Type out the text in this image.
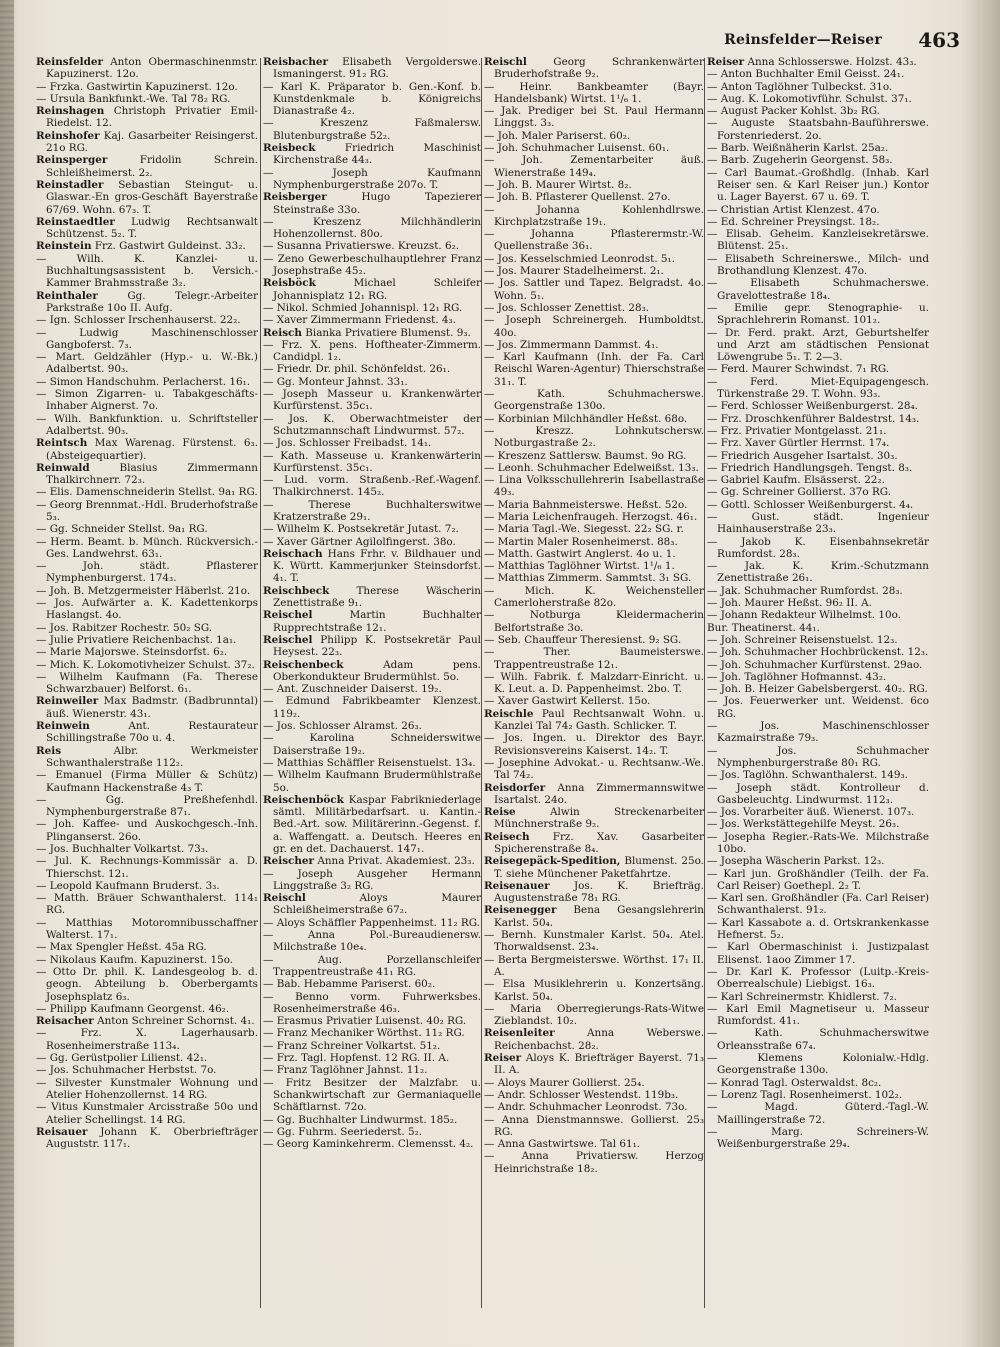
Reinsfelder—Reiser 463

Reinsfelder Anton Obermaschinenmstr. Kapuzinerst. 12o.

— Frzka. Gastwirtin Kapuzinerst. 12o.

— Ursula Bankfunkt.-We. Tal 78₂ RG.

Reinshagen Christoph Privatier Emil-Riedelst. 12.

Reinshofer Kaj. Gasarbeiter Reisingerst. 21o RG.

Reinsperger	Fridolin Schrein. Schleißheimerst. 2₂.

Reinstadler Sebastian Steingut- u. Glaswar.-En gros-Geschäft Bayerstraße 67/69. Wohn. 67₃. T.

Reinstaedtler Ludwig Rechtsanwalt Schützenst. 5₂. T.

Reinstein Frz. Gastwirt Guldeinst. 33₂.

— Wilh. K. Kanzlei- u. Buchhaltungsassistent b. Versich.-Kammer Brahmsstraße 3₂.

Reinthaler	Gg. Telegr.-Arbeiter Parkstraße 10o II. Aufg.

— Ign. Schlosser Irschenhauserst. 22₂.

— Ludwig Maschinenschlosser Gangboferst. 7₃.

— Mart. Geldzähler (Hyp.- u. W.-Bk.) Adalbertst. 90₃.

— Simon Handschuhm. Perlacherst. 16₁.

— Simon Zigarren- u. Tabakgeschäfts-Inhaber Aignerst. 7o.

— Wilh. Bankfunktion. u. Schriftsteller Adalbertst. 90₃.

Reintsch Max Warenag. Fürstenst. 6₃. (Absteigequartier).

Reinwald	Blasius Zimmermann Thalkirchnerr. 72₃.

— Elis. Damenschneiderin Stellst. 9a₁ RG.

— Georg Brennmat.-Hdl. Bruderhofstraße 5₃.

— Gg. Schneider Stellst. 9a₁ RG.

— Herm. Beamt. b. Münch. Rückversich.-Ges. Landwehrst. 63₁.

— Joh. städt. Pflasterer Nymphenburgerst. 174₃.

— Joh. B. Metzgermeister Häberlst. 21o.

— Jos. Aufwärter a. K. Kadettenkorps Haslangst. 4o.

— Jos. Rabitzer Rochestr. 50₂ SG.

— Julie Privatiere Reichenbachst. 1a₁.

— Marie Majorswe. Steinsdorfst. 6₂.

— Mich. K. Lokomotivheizer Schulst. 37₂.

— Wilhelm Kaufmann (Fa. Therese Schwarzbauer) Belforst. 6₁.

Reinweiler Max Badmstr. (Badbrunntal) äuß. Wienerstr. 43₁.

Reinwein	Ant. Restaurateur Schillingstraße 70o u. 4.

Reis	Albr. Werkmeister Schwanthalerstraße 112₂.

— Emanuel (Firma Müller & Schütz) Kaufmann Hackenstraße 4₃ T.

— Gg. Preßhefenhdl. Nymphenburgerstraße 87₁.

— Joh. Kaffee- und Auskochgesch.-Inh. Plinganserst. 26o.

— Jos. Buchhalter Volkartst. 73₃.

— Jul. K. Rechnungs-Kommissär a. D. Thierschst. 12₁.

— Leopold Kaufmann Bruderst. 3₃.

— Matth. Bräuer Schwanthalerst. 114₁ RG.

— Matthias Motoromnibusschaffner Walterst. 17₁.

— Max Spengler Heßst. 45a RG.

— Nikolaus Kaufm. Kapuzinerst. 15o.

— Otto Dr. phil. K. Landesgeolog b. d. geogn. Abteilung b. Oberbergamts Josephsplatz 6₃.

— Philipp Kaufmann Georgenst. 46₂.

Reisacher Anton Schreiner Schornst. 4₁.

— Frz. X. Lagerhausarb. Rosenheimerstraße 113₄.

— Gg. Gerüstpolier Lilienst. 42₁.

— Jos. Schuhmacher Herbstst. 7o.

— Silvester Kunstmaler Wohnung und Atelier Hohenzollernst. 14 RG.

— Vitus Kunstmaler Arcisstraße 50o und Atelier Schellingst. 14 RG.

Reisauer Johann K. Oberbriefträger Auguststr. 117₁.

Reisbacher Elisabeth Vergolderswe. Ismaningerst. 91₂ RG.

— Karl K. Präparator b. Gen.-Konf. b. Kunstdenkmale b. Königreichs Dianastraße 4₂.

— Kreszenz Faßmalersw. Blutenburgstraße 52₂.

Reisbeck	Friedrich Maschinist Kirchenstraße 44₃.

— Joseph Kaufmann Nymphenburgerstraße 207o. T.

Reisberger	Hugo Tapezierer Steinstraße 33o.

— Kreszenz Milchhändlerin Hohenzollernst. 80o.

— Susanna Privatierswe. Kreuzst. 6₂.

— Zeno Gewerbeschulhauptlehrer Franz Josephstraße 45₂.

Reisböck	Michael Schleifer Johannisplatz 12₁ RG.

— Nikol. Schmied Johannispl. 12₁ RG.

— Xaver Zimmermann Friedenst. 4₃.

Reisch Bianka Privatiere Blumenst. 9₃.

— Frz. X. pens. Hoftheater-Zimmerm. Candidpl. 1₂.

— Friedr. Dr. phil. Schönfeldst. 26₁.

— Gg. Monteur Jahnst. 33₁.

— Joseph Masseur u. Krankenwärter Kurfürstenst. 35c₁.

— Jos. K. Oberwachtmeister der Schutzmannschaft Lindwurmst. 57₂.

— Jos. Schlosser Freibadst. 14₁.

— Kath. Masseuse u. Krankenwärterin Kurfürstenst. 35c₁.

— Lud. vorm. Straßenb.-Ref.-Wagenf. Thalkirchnerst. 145₂.

— Therese Buchhalterswitwe Kratzerstraße 29₁.

— Wilhelm K. Postsekretär Jutast. 7₂.

— Xaver Gärtner Agilolfingerst. 38o.

Reischach Hans Frhr. v. Bildhauer und K. Württ. Kammerjunker Steinsdorfst. 4₁. T.

Reischbeck	Therese Wäscherin Zenettistraße 9₁.

Reischel	Martin Buchhalter Rupprechtstraße 12₁.

Reischel Philipp K. Postsekretär Paul Heysest. 22₃.

Reischenbeck	Adam pens. Oberkondukteur Brudermühlst. 5o.

— Ant. Zuschneider Daiserst. 19₂.

— Edmund Fabrikbeamter Klenzest. 119₂.

— Jos. Schlosser Alramst. 26₃.

— Karolina Schneiderswitwe Daiserstraße 19₂.

— Matthias Schäffler Reisenstuelst. 13₄.

— Wilhelm Kaufmann Brudermühlstraße 5o.

Reischenböck Kaspar Fabrikniederlage sämtl. Militärbedarfsart. u. Kantin.-Bed.-Art. sow. Militärerinn.-Gegenst. f. a. Waffengatt. a. Deutsch. Heeres en gr. en det. Dachauerst. 147₁.

Reischer Anna Privat. Akademiest. 23₃.

— Joseph Ausgeher Hermann Linggstraße 3₂ RG.

Reischl	Aloys Maurer Schleißheimerstraße 67₂.

— Aloys Schäffler Pappenheimst. 11₂ RG.

— Anna Pol.-Bureaudienersw. Milchstraße 10e₄.

— Aug. Porzellanschleifer Trappentreustraße 41₁ RG.

— Bab. Hebamme Pariserst. 60₂.

— Benno vorm. Fuhrwerksbes. Rosenheimerstraße 46₃.

— Erasmus Privatier Luisenst. 40₂ RG.

— Franz Mechaniker Wörthst. 11₂ RG.

— Franz Schreiner Volkartst. 51₂.

— Frz. Tagl. Hopfenst. 12 RG. II. A.

— Franz Taglöhner Jahnst. 11₂.

— Fritz Besitzer der Malzfabr. u. Schankwirtschaft zur Germaniaquelle Schäftlarnst. 72o.

— Gg. Buchhalter Lindwurmst. 185₂.

— Gg. Fuhrm. Seeriederst. 5₂.

— Georg Kaminkehrerm. Clemensst. 4₂.

Reischl	Georg Schrankenwärter Bruderhofstraße 9₂.

— Heinr. Bankbeamter (Bayr. Handelsbank) Wirtst. 1¹/₆ 1.

— Jak. Prediger bei St. Paul Hermann Linggst. 3₃.

— Joh. Maler Pariserst. 60₂.

— Joh. Schuhmacher Luisenst. 60₁.

— Joh. Zementarbeiter äuß. Wienerstraße 149₄.

— Joh. B. Maurer Wirtst. 8₂.

— Joh. B. Pflasterer Quellenst. 27o.

— Johanna Kohlenhdlrswe. Kirchplatzstraße 19₁.

— Johanna Pflasterermstr.-W. Quellenstraße 36₁.

— Jos. Kesselschmied Leonrodst. 5₁.

— Jos. Maurer Stadelheimerst. 2₁.

— Jos. Sattler und Tapez. Belgradst. 4o. Wohn. 5₁.

— Jos. Schlosser Zenettist. 28₃.

— Joseph Schreinergeh. Humboldtst. 40o.

— Jos. Zimmermann Dammst. 4₁.

— Karl Kaufmann (Inh. der Fa. Carl Reischl Waren-Agentur) Thierschstraße 31₁. T.

— Kath. Schuhmacherswe. Georgenstraße 130o.

— Korbinian Milchhändler Heßst. 68o.

— Kreszz. Lohnkutschersw. Notburgastraße 2₂.

— Kreszenz Sattlersw. Baumst. 9o RG.

— Leonh. Schuhmacher Edelweißst. 13₃.

— Lina Volksschullehrerin Isabellastraße 49₃.

— Maria Bahnmeisterswe. Heßst. 52o.

— Maria Leichenfraugeh. Herzogst. 46₁.

— Maria Tagl.-We. Siegesst. 22₂ SG. r.

— Martin Maler Rosenheimerst. 88₃.

— Matth. Gastwirt Anglerst. 4o u. 1.

— Matthias Taglöhner Wirtst. 1¹/₆ 1.

— Matthias Zimmerm. Sammtst. 3₁ SG.

— Mich. K. Weichensteller Camerloherstraße 82o.

— Notburga Kleidermacherin Belfortstraße 3o.

— Seb. Chauffeur Theresienst. 9₂ SG.

— Ther. Baumeisterswe. Trappentreustraße 12₁.

— Wilh. Fabrik. f. Malzdarr-Einricht. u. K. Leut. a. D. Pappenheimst. 2bo. T.

— Xaver Gastwirt Kellerst. 15o.

Reischle Paul Rechtsanwalt Wohn. u. Kanzlei Tal 74₂ Gasth. Schlicker. T.

— Jos. Ingen. u. Direktor des Bayr. Revisionsvereins Kaiserst. 14₂. T.

— Josephine Advokat.- u. Rechtsanw.-We. Tal 74₂.

Reisdorfer Anna Zimmermannswitwe Isartalst. 24o.

Reise	Alwin Streckenarbeiter Münchnerstraße 9₂.

Reisech Frz. Xav. Gasarbeiter Spicherenstraße 8₄.

Reisegepäck-Spedition, Blumenst. 25o. T. siehe Münchener Paketfahrtze.

Reisenauer Jos. K. Briefträg. Augustenstraße 78₁ RG.

Reisenegger Bena Gesangslehrerin Karlst. 50₄.

— Bernh. Kunstmaler Karlst. 50₄. Atel. Thorwaldsenst. 23₄.

— Berta Bergmeisterswe. Wörthst. 17₁ II. A.

— Elsa Musiklehrerin u. Konzertsäng. Karlst. 50₄.

— Maria Oberregierungs-Rats-Witwe Zieblandst. 10₂.

Reisenleiter	Anna Weberswe. Reichenbachst. 28₂.

Reiser Aloys K. Briefträger Bayerst. 71₃ II. A.

— Aloys Maurer Gollierst. 25₄.

— Andr. Schlosser Westendst. 119b₃.

— Andr. Schuhmacher Leonrodst. 73o.

— Anna Dienstmannswe. Gollierst. 25₃ RG.

— Anna Gastwirtswe. Tal 61₁.

— Anna Privatiersw. Herzog Heinrichstraße 18₂.

Reiser Anna Schlosserswe. Holzst. 43₃.

— Anton Buchhalter Emil Geisst. 24₁.

— Anton Taglöhner Tulbeckst. 31o.

— Aug. K. Lokomotivführ. Schulst. 37₁.

— August Packer Kohlst. 3b₂ RG.

— Auguste Staatsbahn-Bauführerswe. Forstenriederst. 2o.

— Barb. Weißnäherin Karlst. 25a₂.

— Barb. Zugeherin Georgenst. 58₃.

— Carl Baumat.-Großhdlg. (Inhab. Karl Reiser sen. & Karl Reiser jun.) Kontor u. Lager Bayerst. 67 u. 69. T.

— Christian Artist Klenzest. 47o.

— Ed. Schreiner Preysingst. 18₂.

— Elisab. Geheim. Kanzleisekretärswe. Blütenst. 25₁.

— Elisabeth Schreinerswe., Milch- und Brothandlung Klenzest. 47o.

— Elisabeth Schuhmacherswe. Gravelottestraße 18₄.

— Emilie gepr. Stenographie- u. Sprachlehrerin Romanst. 101₂.

— Dr. Ferd. prakt. Arzt, Geburtshelfer und Arzt am städtischen Pensionat Löwengrube 5₁. T. 2—3.

— Ferd. Maurer Schwindst. 7₁ RG.

— Ferd. Miet-Equipagengesch. Türkenstraße 29. T. Wohn. 93₃.

— Ferd. Schlosser Weißenburgerst. 28₄.

— Frz. Droschkenführer Baldestrst. 14₃.

— Frz. Privatier Montgelasst. 21₁.

— Frz. Xaver Gürtler Herrnst. 17₄.

— Friedrich Ausgeher Isartalst. 30₃.

— Friedrich Handlungsgeh. Tengst. 8₃.

— Gabriel Kaufm. Elsässerst. 22₂.

— Gg. Schreiner Gollierst. 37o RG.

— Gottl. Schlosser Weißenburgerst. 4₄.

— Gust. städt. Ingenieur Hainhauserstraße 23₃.

— Jakob K. Eisenbahnsekretär Rumfordst. 28₃.

— Jak. K. Krim.-Schutzmann Zenettistraße 26₁.

— Jak. Schuhmacher Rumfordst. 28₃.

— Joh. Maurer Heßst. 96₂ II. A.

— Johann Redakteur Wilhelmst. 10o.

Bur. Theatinerst. 44₁.

— Joh. Schreiner Reisenstuelst. 12₃.

— Joh. Schuhmacher Hochbrückenst. 12₃.

— Joh. Schuhmacher Kurfürstenst. 29ao.

— Joh. Taglöhner Hofmannst. 43₂.

— Joh. B. Heizer Gabelsbergerst. 40₂. RG.

— Jos. Feuerwerker unt. Weidenst. 6co RG.

— Jos. Maschinenschlosser Kazmairstraße 79₃.

— Jos. Schuhmacher Nymphenburgerstraße 80₁ RG.

— Jos. Taglöhn. Schwanthalerst. 149₃.

— Joseph städt. Kontrolleur d. Gasbeleuchtg. Lindwurmst. 112₃.

— Jos. Vorarbeiter äuß. Wienerst. 107₃.

— Jos. Werkstättegehilfe Meyst. 26₃.

— Josepha Regier.-Rats-We. Milchstraße 10bo.

— Josepha Wäscherin Parkst. 12₃.

— Karl jun. Großhändler (Teilh. der Fa. Carl Reiser) Goethepl. 2₂ T.

— Karl sen. Großhändler (Fa. Carl Reiser) Schwanthalerst. 91₂.

— Karl Kassabote a. d. Ortskrankenkasse Hefnerst. 5₂.

— Karl Obermaschinist i. Justizpalast Elisenst. 1aoo Zimmer 17.

— Dr. Karl K. Professor (Luitp.-Kreis-Oberrealschule) Liebigst. 16₃.

— Karl Schreinermstr. Khidlerst. 7₂.

— Karl Emil Magnetiseur u. Masseur Rumfordst. 41₁.

— Kath. Schuhmacherswitwe Orleansstraße 67₄.

— Klemens Kolonialw.-Hdlg. Georgenstraße 130o.

— Konrad Tagl. Osterwaldst. 8c₂.

— Lorenz Tagl. Rosenheimerst. 102₂.

— Magd. Güterd.-Tagl.-W. Maillingerstraße 72.

— Marg. Schreiners-W. Weißenburgerstraße 29₄.
